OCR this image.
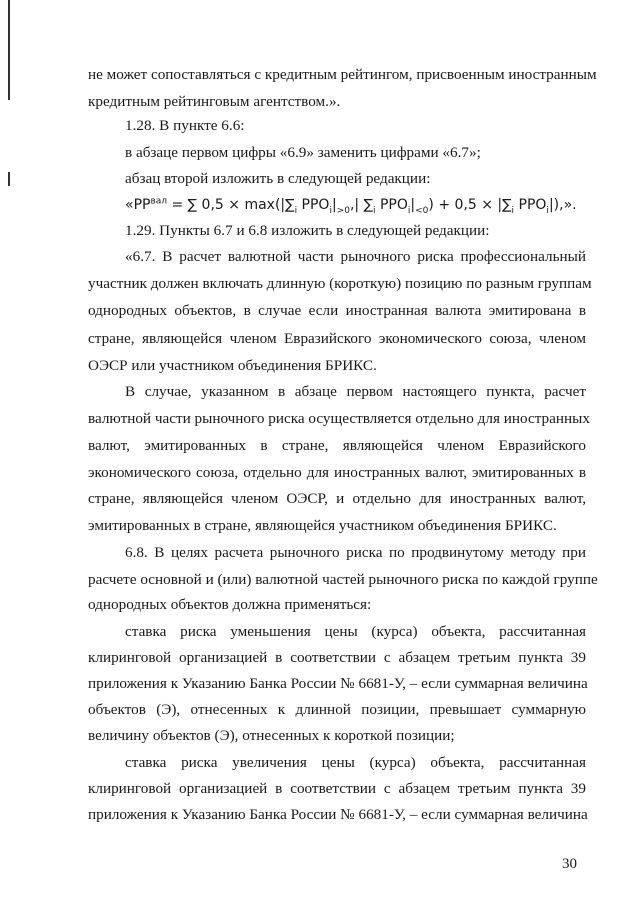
не может сопоставляться с кредитным рейтингом, присвоенным иностранным
кредитным рейтинговым агентством.».
1.28. В пункте 6.6:
в абзаце первом цифры «6.9» заменить цифрами «6.7»;
абзац второй изложить в следующей редакции:
«$РР^{вал}$ = ∑ $0,5 \times \max(|\sum_i$ $РРО_i|_{>0},|$ $\sum_i$ $РРО_i|_{<0}) + 0,5 \times |\sum_i$ $РРО_i|$),».
1.29. Пункты 6.7 и 6.8 изложить в следующей редакции:
«6.7. В расчет валютной части рыночного риска профессиональный
участник должен включать длинную (короткую) позицию по разным группам
однородных объектов, в случае если иностранная валюта эмитирована в
стране, являющейся членом Евразийского экономического союза, членом
ОЭСР или участником объединения БРИКС.
В случае, указанном в абзаце первом настоящего пункта, расчет
валютной части рыночного риска осуществляется отдельно для иностранных
валют, эмитированных в стране, являющейся членом Евразийского
экономического союза, отдельно для иностранных валют, эмитированных в
стране, являющейся членом ОЭСР, и отдельно для иностранных валют,
эмитированных в стране, являющейся участником объединения БРИКС.
6.8. В целях расчета рыночного риска по продвинутому методу при
расчете основной и (или) валютной частей рыночного риска по каждой группе
однородных объектов должна применяться:
ставка риска уменьшения цены (курса) объекта, рассчитанная
клиринговой организацией в соответствии с абзацем третьим пункта 39
приложения к Указанию Банка России № 6681-У, – если суммарная величина
объектов (Э), отнесенных к длинной позиции, превышает суммарную
величину объектов (Э), отнесенных к короткой позиции;
ставка риска увеличения цены (курса) объекта, рассчитанная
клиринговой организацией в соответствии с абзацем третьим пункта 39
приложения к Указанию Банка России № 6681-У, – если суммарная величина
30
